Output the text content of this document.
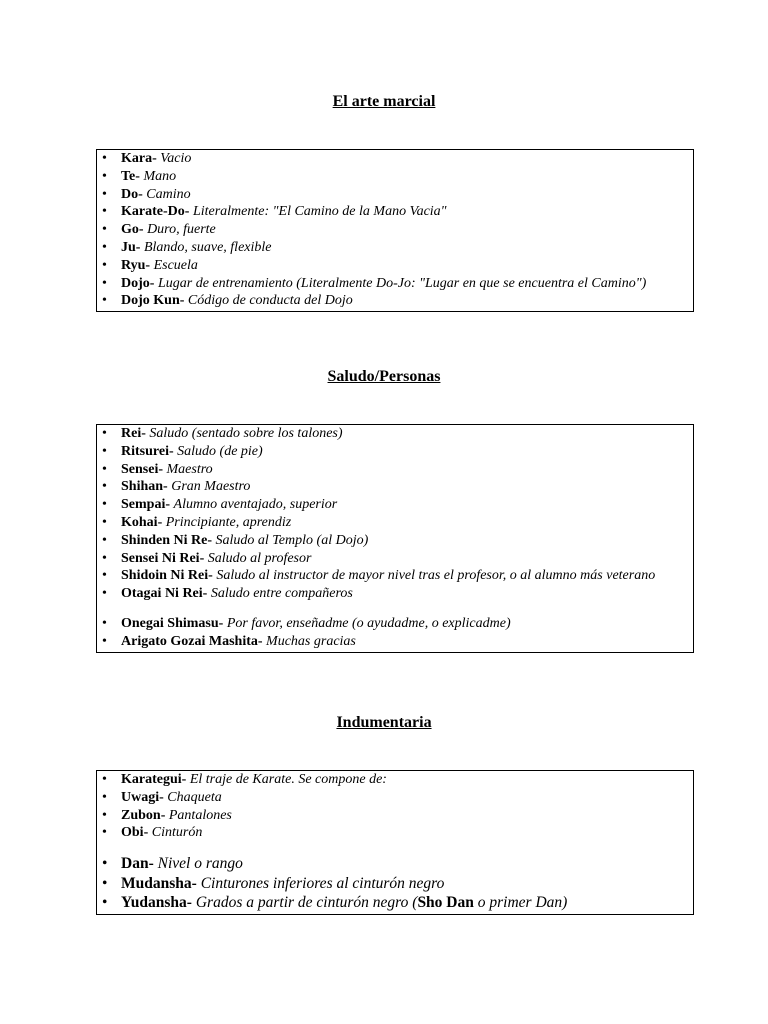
El arte marcial
• Kara- Vacio
• Te- Mano
• Do- Camino
• Karate-Do- Literalmente: "El Camino de la Mano Vacia"
• Go- Duro, fuerte
• Ju- Blando, suave, flexible
• Ryu- Escuela
• Dojo- Lugar de entrenamiento (Literalmente Do-Jo: "Lugar en que se encuentra el Camino")
• Dojo Kun- Código de conducta del Dojo
Saludo/Personas
• Rei- Saludo (sentado sobre los talones)
• Ritsurei- Saludo (de pie)
• Sensei- Maestro
• Shihan- Gran Maestro
• Sempai- Alumno aventajado, superior
• Kohai- Principiante, aprendiz
• Shinden Ni Re- Saludo al Templo (al Dojo)
• Sensei Ni Rei- Saludo al profesor
• Shidoin Ni Rei- Saludo al instructor de mayor nivel tras el profesor, o al alumno más veterano
• Otagai Ni Rei- Saludo entre compañeros
• Onegai Shimasu- Por favor, enseñadme (o ayudadme, o explicadme)
• Arigato Gozai Mashita- Muchas gracias
Indumentaria
• Karategui- El traje de Karate. Se compone de:
• Uwagi- Chaqueta
• Zubon- Pantalones
• Obi- Cinturón
• Dan- Nivel o rango
• Mudansha- Cinturones inferiores al cinturón negro
• Yudansha- Grados a partir de cinturón negro (Sho Dan o primer Dan)
